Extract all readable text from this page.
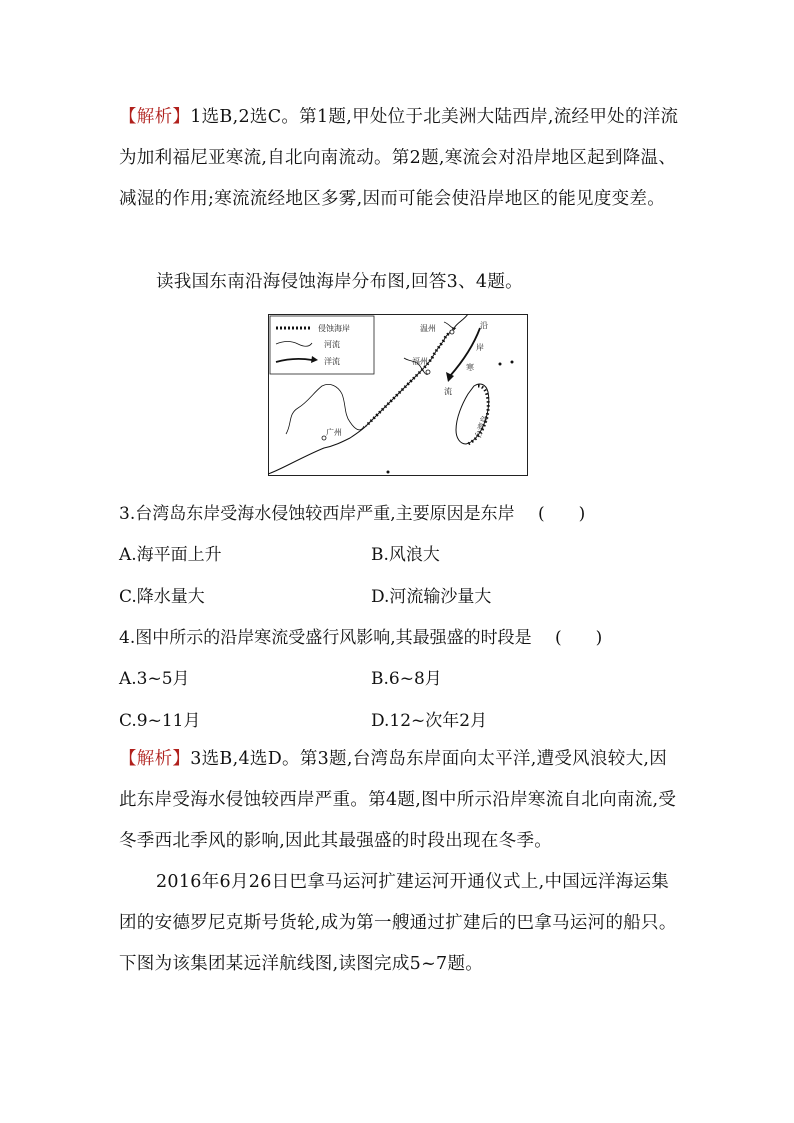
【解析】1选B,2选C。第1题,甲处位于北美洲大陆西岸,流经甲处的洋流为加利福尼亚寒流,自北向南流动。第2题,寒流会对沿岸地区起到降温、减湿的作用;寒流流经地区多雾,因而可能会使沿岸地区的能见度变差。
读我国东南沿海侵蚀海岸分布图,回答3、4题。
侵蚀海岸
河流
洋流
温州
福州
广州
沿
岸
寒
流
台湾岛
3.台湾岛东岸受海水侵蚀较西岸严重,主要原因是东岸 (　　)
A.海平面上升	B.风浪大
C.降水量大	D.河流输沙量大
4.图中所示的沿岸寒流受盛行风影响,其最强盛的时段是 (　　)
A.3~5月	B.6~8月
C.9~11月	D.12~次年2月
【解析】3选B,4选D。第3题,台湾岛东岸面向太平洋,遭受风浪较大,因此东岸受海水侵蚀较西岸严重。第4题,图中所示沿岸寒流自北向南流,受冬季西北季风的影响,因此其最强盛的时段出现在冬季。
2016年6月26日巴拿马运河扩建运河开通仪式上,中国远洋海运集团的安德罗尼克斯号货轮,成为第一艘通过扩建后的巴拿马运河的船只。下图为该集团某远洋航线图,读图完成5~7题。
